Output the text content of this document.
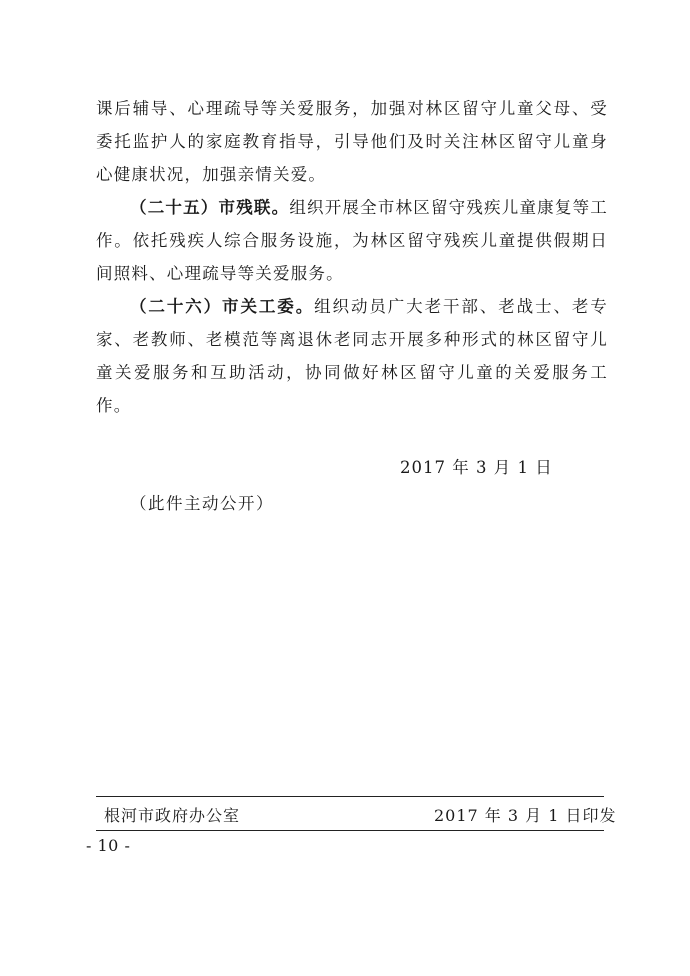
课后辅导、心理疏导等关爱服务，加强对林区留守儿童父母、受委托监护人的家庭教育指导，引导他们及时关注林区留守儿童身心健康状况，加强亲情关爱。

（二十五）市残联。组织开展全市林区留守残疾儿童康复等工作。依托残疾人综合服务设施，为林区留守残疾儿童提供假期日间照料、心理疏导等关爱服务。

（二十六）市关工委。组织动员广大老干部、老战士、老专家、老教师、老模范等离退休老同志开展多种形式的林区留守儿童关爱服务和互助活动，协同做好林区留守儿童的关爱服务工作。

2017 年 3 月 1 日
（此件主动公开）
根河市政府办公室	2017 年 3 月 1 日印发
- 10 -
